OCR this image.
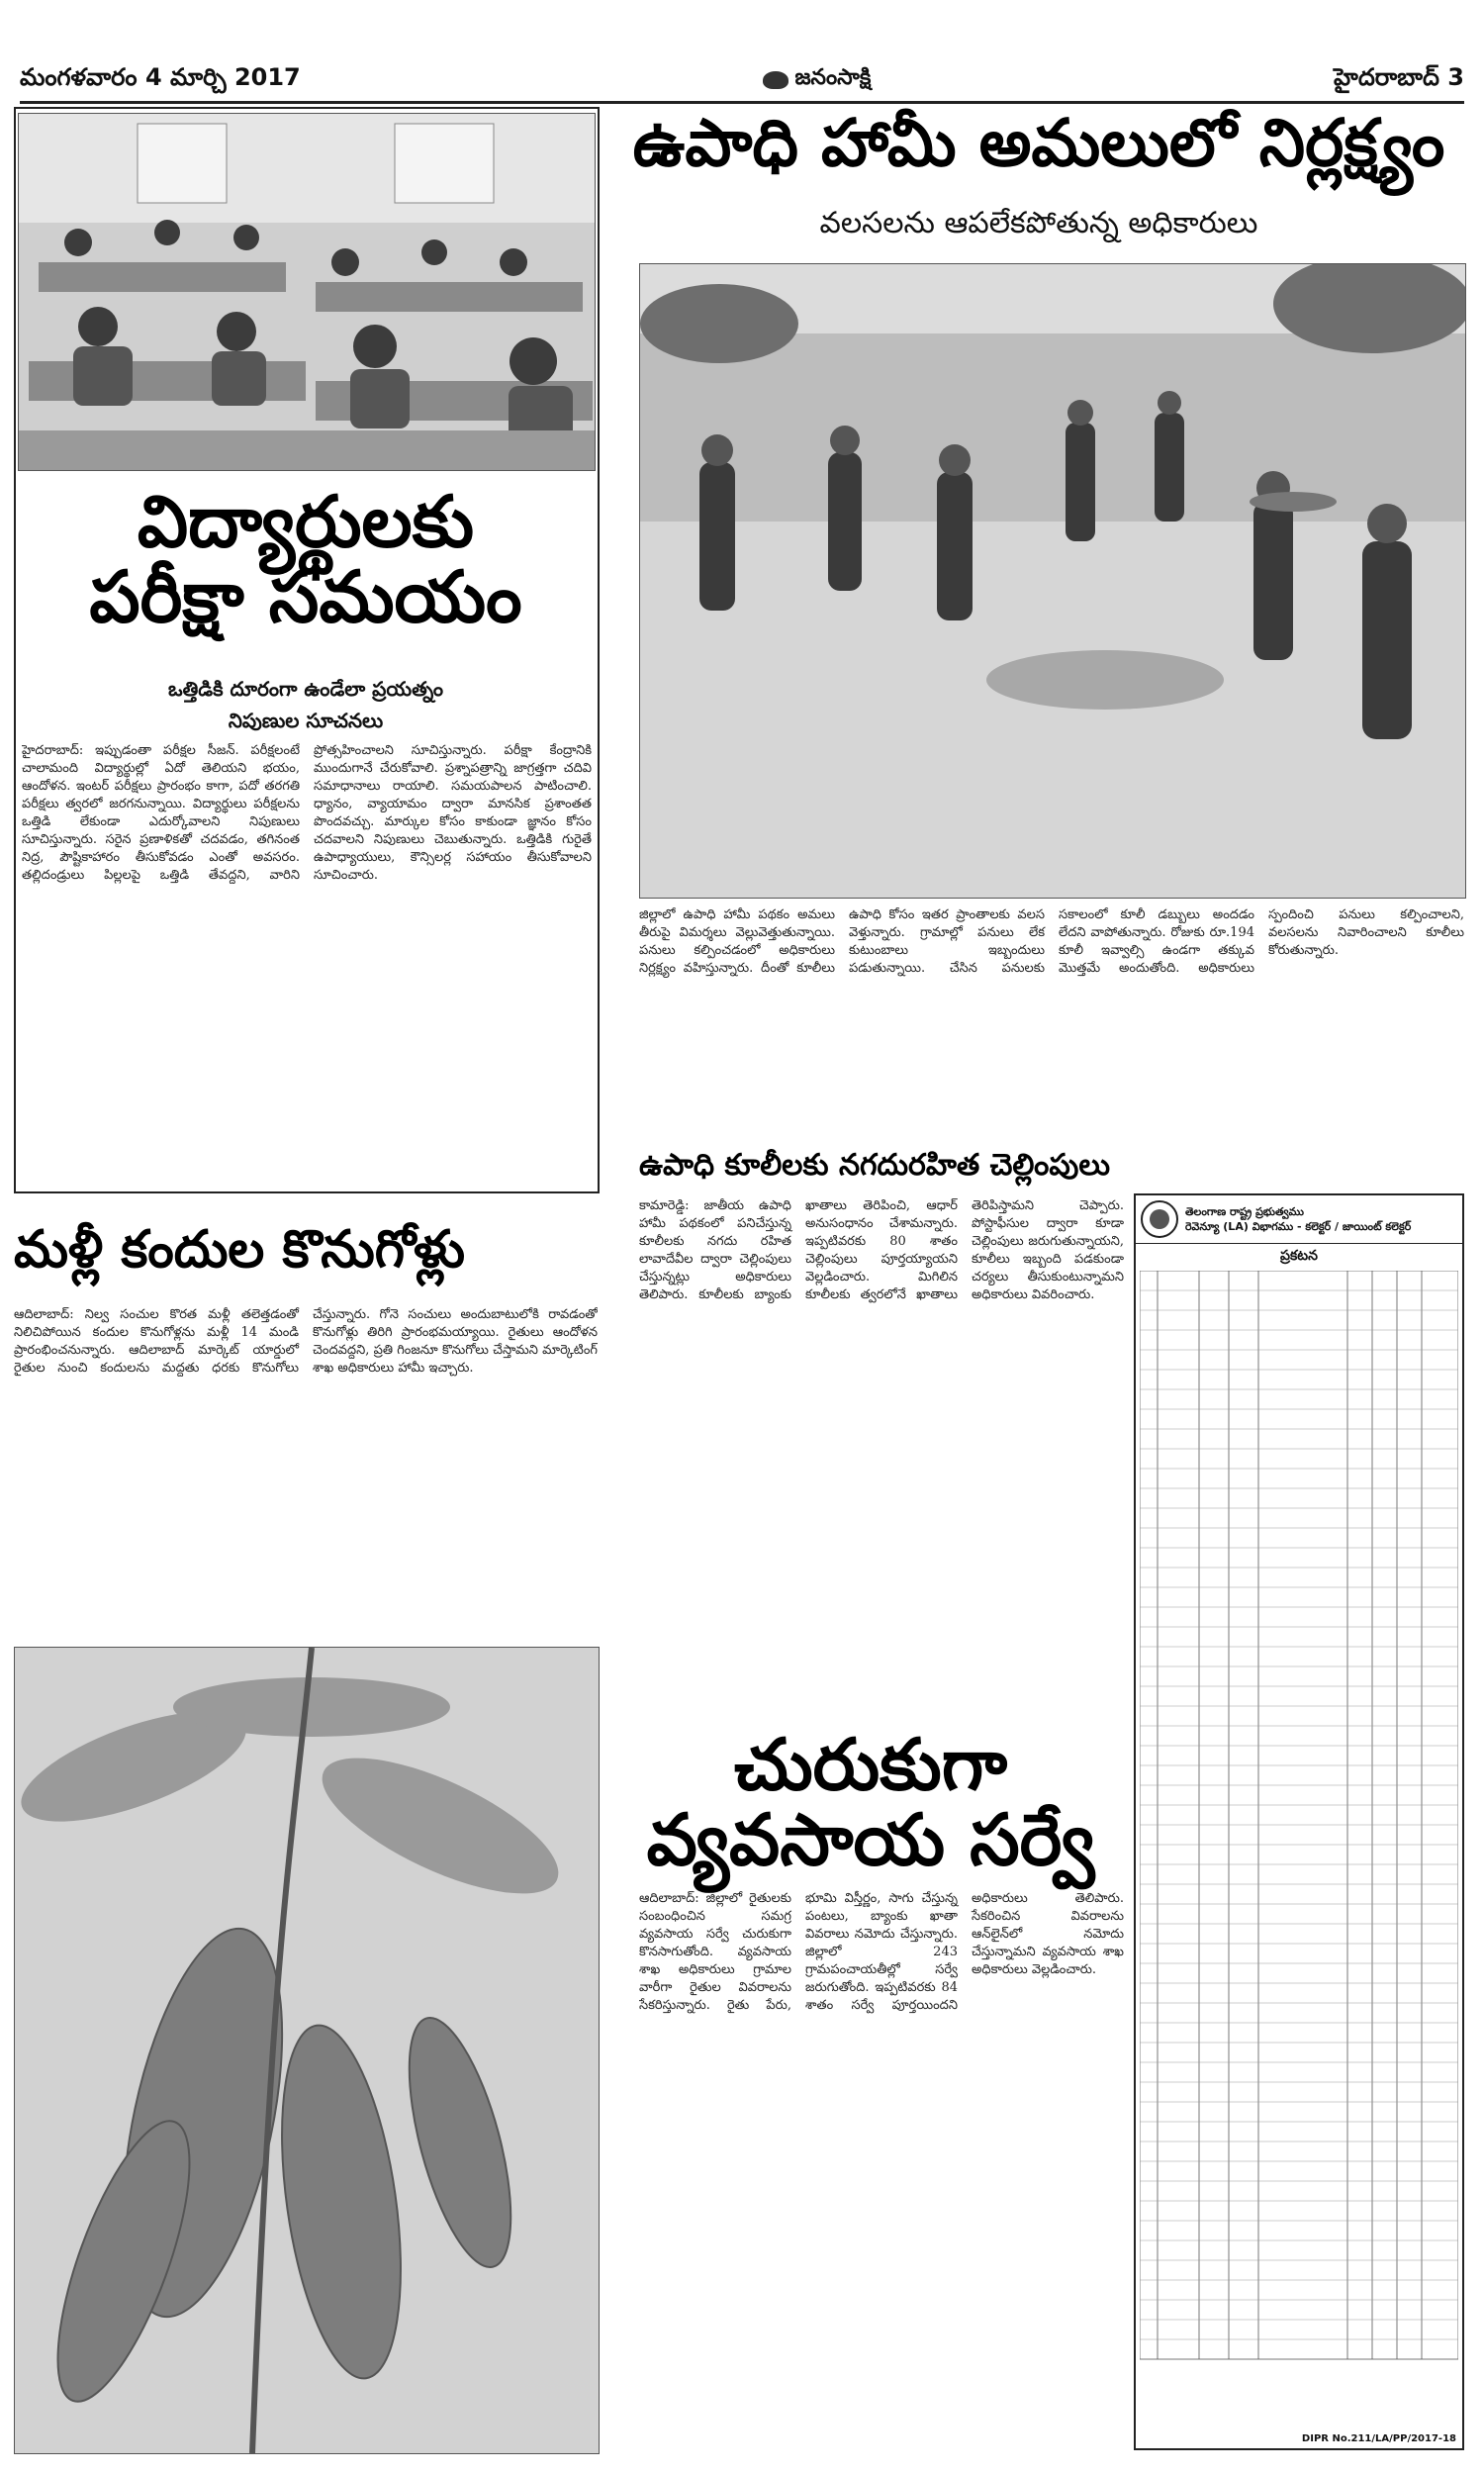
మంగళవారం 4 మార్చి 2017	జనంసాక్షి	హైదరాబాద్ 3
విద్యార్థులకు
పరీక్షా సమయం
ఒత్తిడికి దూరంగా ఉండేలా ప్రయత్నం
నిపుణుల సూచనలు
హైదరాబాద్: ఇప్పుడంతా పరీక్షల సీజన్. పరీక్షలంటే చాలామంది విద్యార్థుల్లో ఏదో తెలియని భయం, ఆందోళన. ఇంటర్ పరీక్షలు ప్రారంభం కాగా, పదో తరగతి పరీక్షలు త్వరలో జరగనున్నాయి. విద్యార్థులు పరీక్షలను ఒత్తిడి లేకుండా ఎదుర్కోవాలని నిపుణులు సూచిస్తున్నారు. సరైన ప్రణాళికతో చదవడం, తగినంత నిద్ర, పౌష్టికాహారం తీసుకోవడం ఎంతో అవసరం. తల్లిదండ్రులు పిల్లలపై ఒత్తిడి తేవద్దని, వారిని ప్రోత్సహించాలని సూచిస్తున్నారు. పరీక్షా కేంద్రానికి ముందుగానే చేరుకోవాలి. ప్రశ్నాపత్రాన్ని జాగ్రత్తగా చదివి సమాధానాలు రాయాలి. సమయపాలన పాటించాలి. ధ్యానం, వ్యాయామం ద్వారా మానసిక ప్రశాంతత పొందవచ్చు. మార్కుల కోసం కాకుండా జ్ఞానం కోసం చదవాలని నిపుణులు చెబుతున్నారు. ఒత్తిడికి గురైతే ఉపాధ్యాయులు, కౌన్సిలర్ల సహాయం తీసుకోవాలని సూచించారు.
ఉపాధి హామీ అమలులో నిర్లక్ష్యం
వలసలను ఆపలేకపోతున్న అధికారులు
జిల్లాలో ఉపాధి హామీ పథకం అమలు తీరుపై విమర్శలు వెల్లువెత్తుతున్నాయి. పనులు కల్పించడంలో అధికారులు నిర్లక్ష్యం వహిస్తున్నారు. దీంతో కూలీలు ఉపాధి కోసం ఇతర ప్రాంతాలకు వలస వెళ్తున్నారు. గ్రామాల్లో పనులు లేక కుటుంబాలు ఇబ్బందులు పడుతున్నాయి. చేసిన పనులకు సకాలంలో కూలీ డబ్బులు అందడం లేదని వాపోతున్నారు. రోజుకు రూ.194 కూలీ ఇవ్వాల్సి ఉండగా తక్కువ మొత్తమే అందుతోంది. అధికారులు స్పందించి పనులు కల్పించాలని, వలసలను నివారించాలని కూలీలు కోరుతున్నారు.
ఉపాధి కూలీలకు నగదురహిత చెల్లింపులు
కామారెడ్డి: జాతీయ ఉపాధి హామీ పథకంలో పనిచేస్తున్న కూలీలకు నగదు రహిత లావాదేవీల ద్వారా చెల్లింపులు చేస్తున్నట్లు అధికారులు తెలిపారు. కూలీలకు బ్యాంకు ఖాతాలు తెరిపించి, ఆధార్ అనుసంధానం చేశామన్నారు. ఇప్పటివరకు 80 శాతం చెల్లింపులు పూర్తయ్యాయని వెల్లడించారు. మిగిలిన కూలీలకు త్వరలోనే ఖాతాలు తెరిపిస్తామని చెప్పారు. పోస్టాఫీసుల ద్వారా కూడా చెల్లింపులు జరుగుతున్నాయని, కూలీలు ఇబ్బంది పడకుండా చర్యలు తీసుకుంటున్నామని అధికారులు వివరించారు.
తెలంగాణ రాష్ట్ర ప్రభుత్వము
రెవెన్యూ (LA) విభాగము - కలెక్టర్ / జాయింట్ కలెక్టర్
ప్రకటన
DIPR No.211/LA/PP/2017-18
మళ్లీ కందుల కొనుగోళ్లు
ఆదిలాబాద్: నిల్వ సంచుల కొరత మళ్లీ తలెత్తడంతో నిలిచిపోయిన కందుల కొనుగోళ్లను మళ్లీ 14 మండి ప్రారంభించనున్నారు. ఆదిలాబాద్ మార్కెట్ యార్డులో రైతుల నుంచి కందులను మద్దతు ధరకు కొనుగోలు చేస్తున్నారు. గోనె సంచులు అందుబాటులోకి రావడంతో కొనుగోళ్లు తిరిగి ప్రారంభమయ్యాయి. రైతులు ఆందోళన చెందవద్దని, ప్రతి గింజనూ కొనుగోలు చేస్తామని మార్కెటింగ్ శాఖ అధికారులు హామీ ఇచ్చారు.
చురుకుగా
వ్యవసాయ సర్వే
ఆదిలాబాద్: జిల్లాలో రైతులకు సంబంధించిన సమగ్ర వ్యవసాయ సర్వే చురుకుగా కొనసాగుతోంది. వ్యవసాయ శాఖ అధికారులు గ్రామాల వారీగా రైతుల వివరాలను సేకరిస్తున్నారు. రైతు పేరు, భూమి విస్తీర్ణం, సాగు చేస్తున్న పంటలు, బ్యాంకు ఖాతా వివరాలు నమోదు చేస్తున్నారు. జిల్లాలో 243 గ్రామపంచాయతీల్లో సర్వే జరుగుతోంది. ఇప్పటివరకు 84 శాతం సర్వే పూర్తయిందని అధికారులు తెలిపారు. సేకరించిన వివరాలను ఆన్‌లైన్‌లో నమోదు చేస్తున్నామని వ్యవసాయ శాఖ అధికారులు వెల్లడించారు.
